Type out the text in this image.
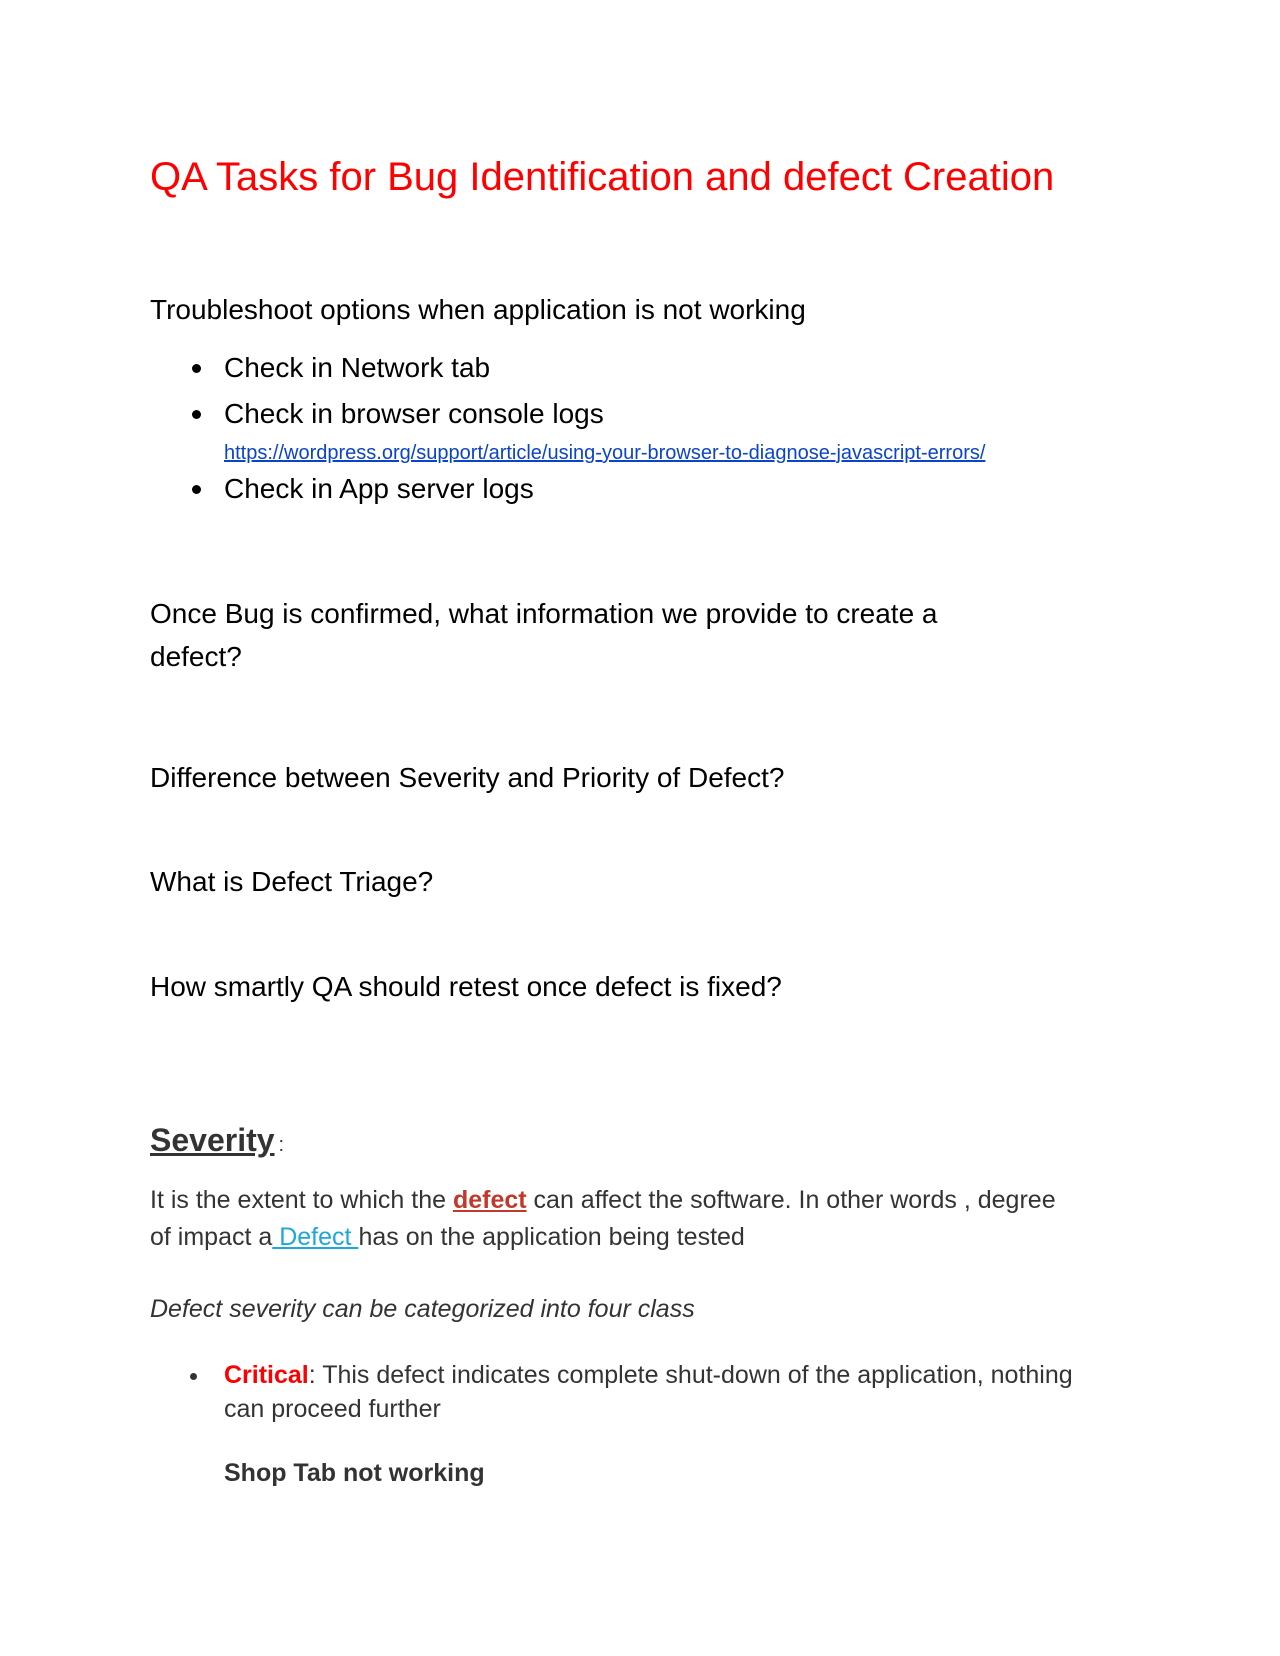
QA Tasks for Bug Identification and defect Creation
Troubleshoot options when application is not working
Check in Network tab
Check in browser console logs
Check in App server logs
https://wordpress.org/support/article/using-your-browser-to-diagnose-javascript-errors/
Once Bug is confirmed, what information we provide to create a
defect?
Difference between Severity and Priority of Defect?
What is Defect Triage?
How smartly QA should retest once defect is fixed?
Severity :
It is the extent to which the defect can affect the software. In other words , degree
of impact a Defect has on the application being tested
Defect severity can be categorized into four class
Critical: This defect indicates complete shut-down of the application, nothing
can proceed further
Shop Tab not working
